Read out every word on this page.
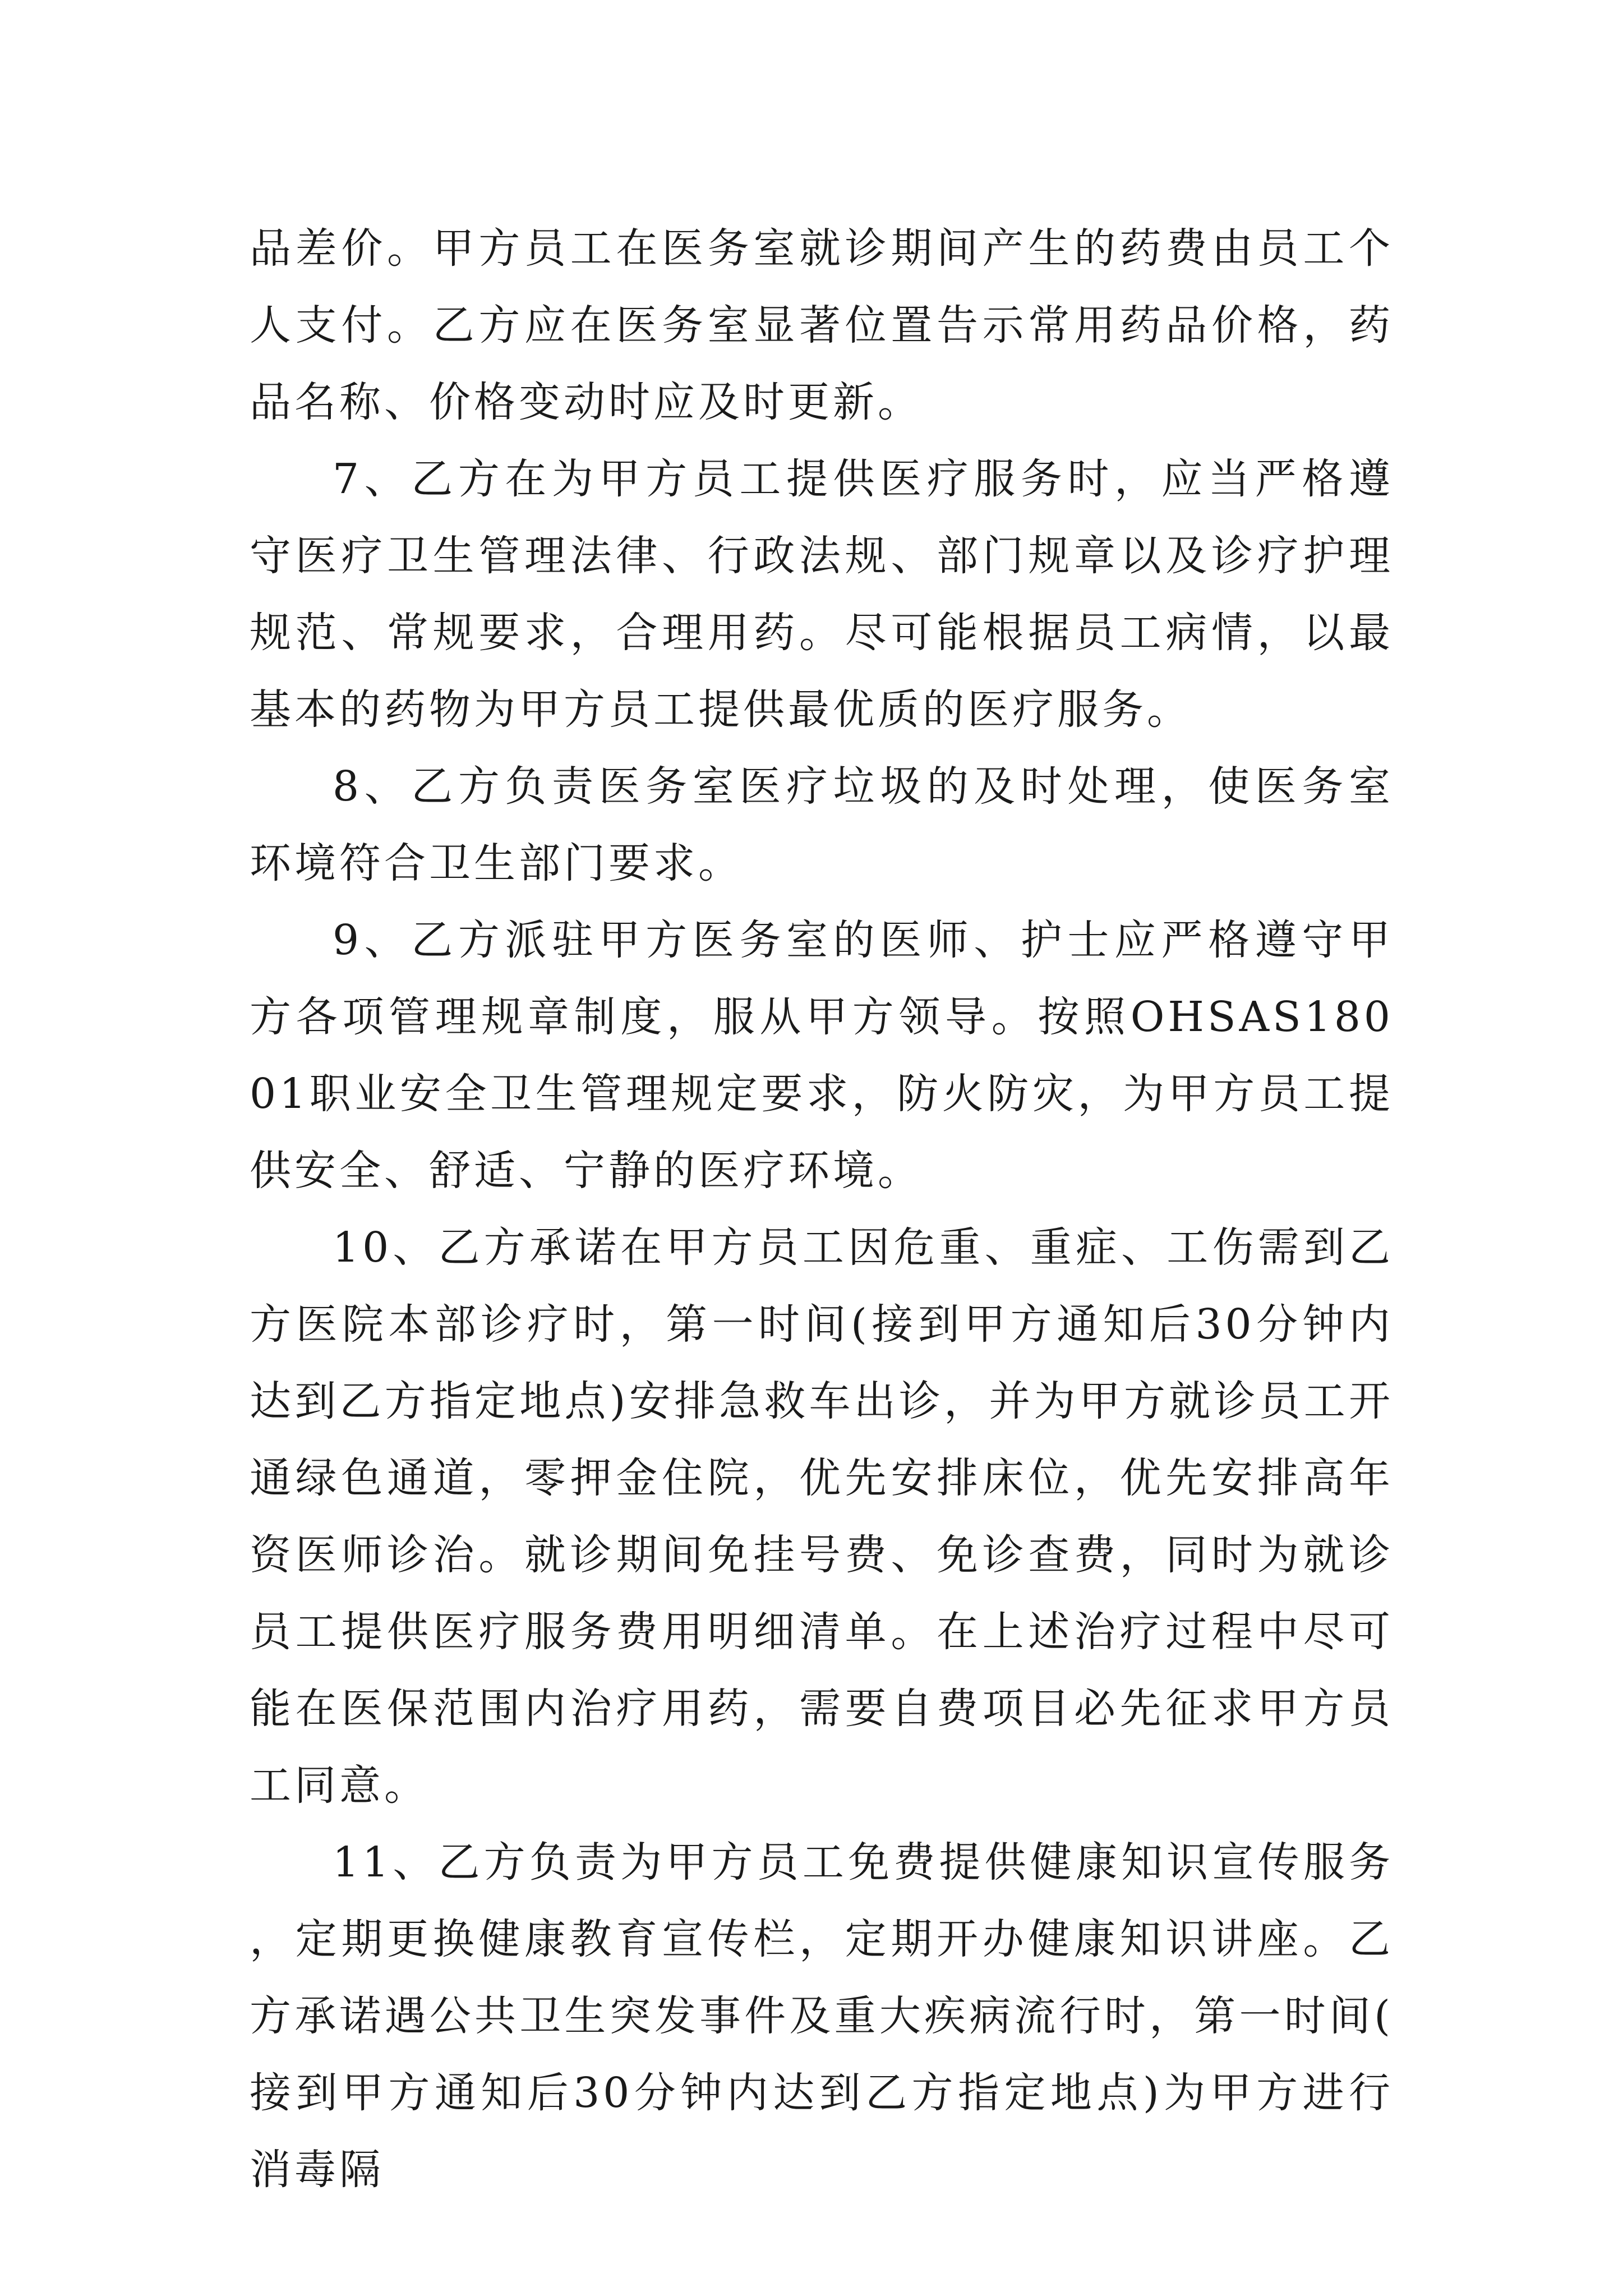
品差价。甲方员工在医务室就诊期间产生的药费由员工个人支付。乙方应在医务室显著位置告示常用药品价格，药品名称、价格变动时应及时更新。

7、乙方在为甲方员工提供医疗服务时，应当严格遵守医疗卫生管理法律、行政法规、部门规章以及诊疗护理规范、常规要求，合理用药。尽可能根据员工病情，以最基本的药物为甲方员工提供最优质的医疗服务。

8、乙方负责医务室医疗垃圾的及时处理，使医务室环境符合卫生部门要求。

9、乙方派驻甲方医务室的医师、护士应严格遵守甲方各项管理规章制度，服从甲方领导。按照OHSAS18001职业安全卫生管理规定要求，防火防灾，为甲方员工提供安全、舒适、宁静的医疗环境。

10、乙方承诺在甲方员工因危重、重症、工伤需到乙方医院本部诊疗时，第一时间(接到甲方通知后30分钟内达到乙方指定地点)安排急救车出诊，并为甲方就诊员工开通绿色通道，零押金住院，优先安排床位，优先安排高年资医师诊治。就诊期间免挂号费、免诊查费，同时为就诊员工提供医疗服务费用明细清单。在上述治疗过程中尽可能在医保范围内治疗用药，需要自费项目必先征求甲方员工同意。

11、乙方负责为甲方员工免费提供健康知识宣传服务，定期更换健康教育宣传栏，定期开办健康知识讲座。乙方承诺遇公共卫生突发事件及重大疾病流行时，第一时间(接到甲方通知后30分钟内达到乙方指定地点)为甲方进行消毒隔
